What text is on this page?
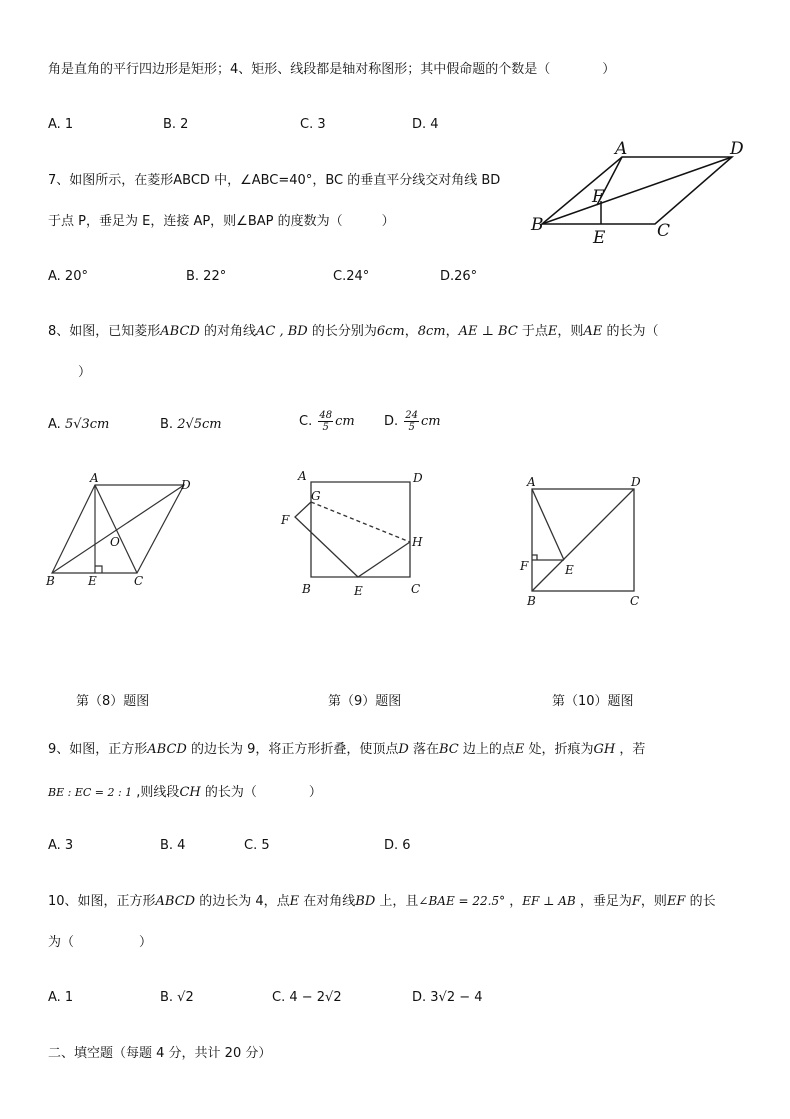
角是直角的平行四边形是矩形；4、矩形、线段都是轴对称图形；其中假命题的个数是（　　　　）
A. 1	B. 2	C. 3	D. 4
7、如图所示，在菱形ABCD 中，∠ABC=40°，BC 的垂直平分线交对角线 BD
于点 P，垂足为 E，连接 AP，则∠BAP 的度数为（　　　）
A. 20°	B. 22°	C.24°	D.26°
A	D
F
B
E	C
8、如图，已知菱形ABCD 的对角线AC , BD 的长分别为6cm，8cm，AE ⊥ BC 于点E，则AE 的长为（
）
A. 5√3cm	B. 2√5cm	C. $\frac{48}{5}$ cm D. $\frac{24}{5}$ cm
A	D
O
B	E	C
A	D
G
F
H
B	E	C
A	D
F	E
B	C
第（8）题图	第（9）题图	第（10）题图
9、如图，正方形ABCD 的边长为 9，将正方形折叠，使顶点D 落在BC 边上的点E 处，折痕为GH ，若
BE : EC = 2 : 1 ,则线段CH 的长为（　　　　）
A. 3	B. 4	C. 5	D. 6
10、如图，正方形ABCD 的边长为 4，点E 在对角线BD 上，且∠BAE = 22.5° ，EF ⊥ AB ，垂足为F，则EF 的长
为（　　　　　）
A. 1	B. √2	C. 4 − 2√2	D. 3√2 − 4
二、填空题（每题 4 分，共计 20 分）
